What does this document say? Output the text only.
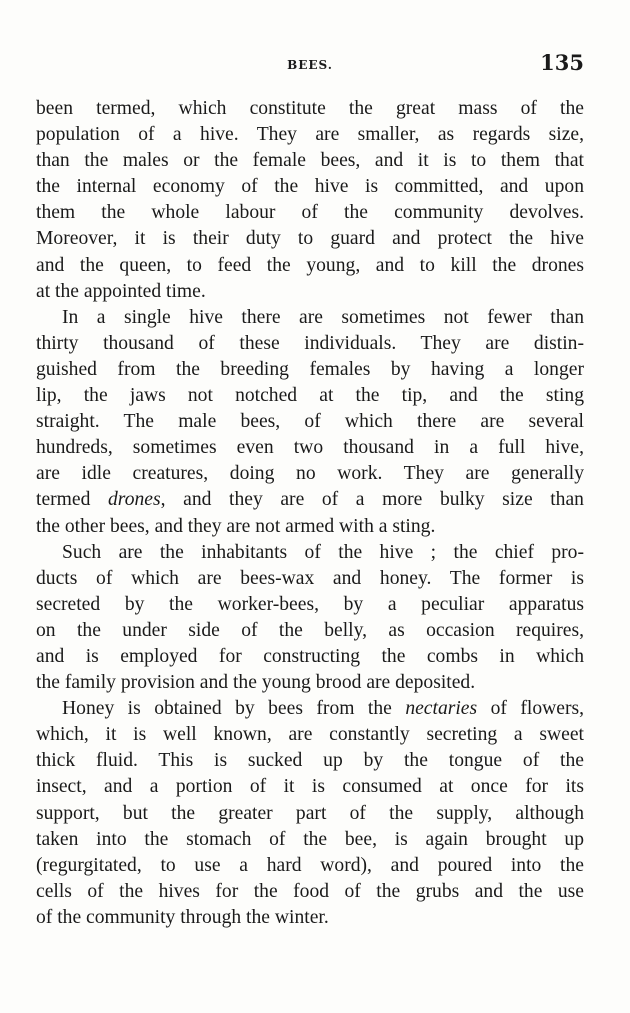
BEES.	135
been termed, which constitute the great mass of the
population of a hive. They are smaller, as regards size,
than the males or the female bees, and it is to them that
the internal economy of the hive is committed, and upon
them the whole labour of the community devolves.
Moreover, it is their duty to guard and protect the hive
and the queen, to feed the young, and to kill the drones
at the appointed time.
In a single hive there are sometimes not fewer than
thirty thousand of these individuals. They are distin-
guished from the breeding females by having a longer
lip, the jaws not notched at the tip, and the sting
straight. The male bees, of which there are several
hundreds, sometimes even two thousand in a full hive,
are idle creatures, doing no work. They are generally
termed drones, and they are of a more bulky size than
the other bees, and they are not armed with a sting.
Such are the inhabitants of the hive ; the chief pro-
ducts of which are bees-wax and honey. The former is
secreted by the worker-bees, by a peculiar apparatus
on the under side of the belly, as occasion requires,
and is employed for constructing the combs in which
the family provision and the young brood are deposited.
Honey is obtained by bees from the nectaries of flowers,
which, it is well known, are constantly secreting a sweet
thick fluid. This is sucked up by the tongue of the
insect, and a portion of it is consumed at once for its
support, but the greater part of the supply, although
taken into the stomach of the bee, is again brought up
(regurgitated, to use a hard word), and poured into the
cells of the hives for the food of the grubs and the use
of the community through the winter.
